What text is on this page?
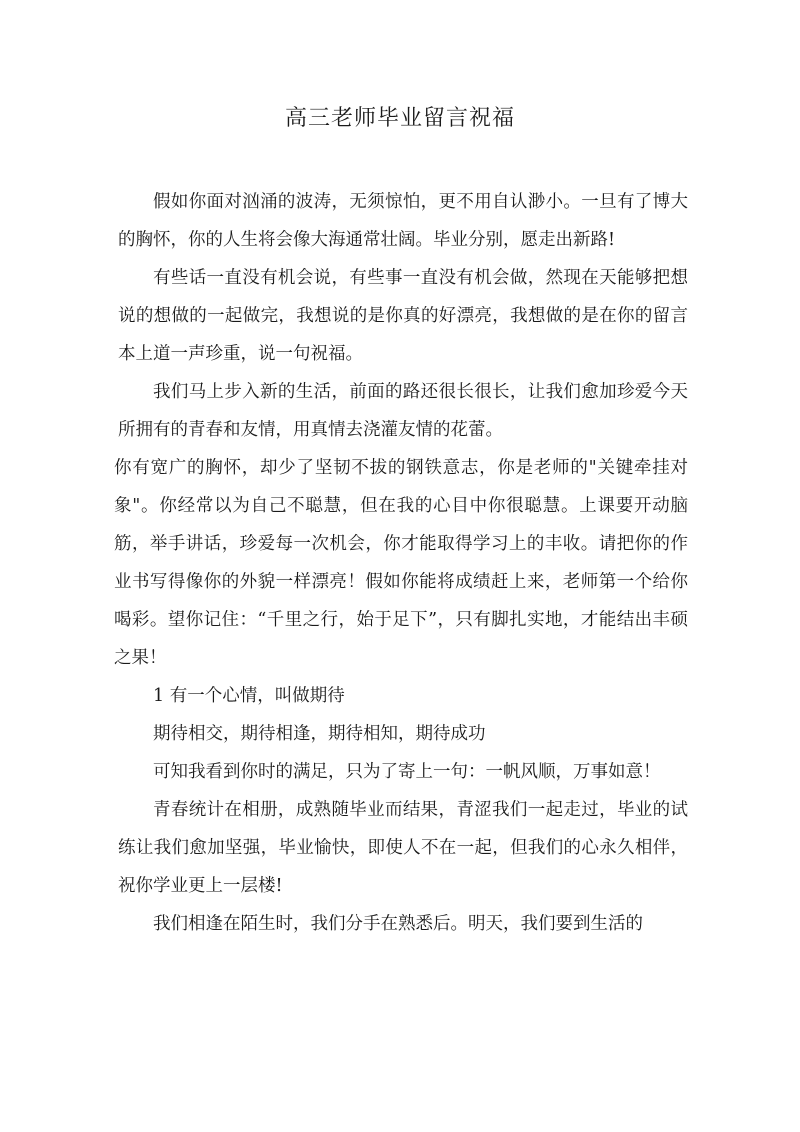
高三老师毕业留言祝福

假如你面对汹涌的波涛，无须惊怕，更不用自认渺小。一旦有了博大的胸怀，你的人生将会像大海通常壮阔。毕业分别，愿走出新路!

有些话一直没有机会说，有些事一直没有机会做，然现在天能够把想说的想做的一起做完，我想说的是你真的好漂亮，我想做的是在你的留言本上道一声珍重，说一句祝福。

我们马上步入新的生活，前面的路还很长很长，让我们愈加珍爱今天所拥有的青春和友情，用真情去浇灌友情的花蕾。

你有宽广的胸怀，却少了坚韧不拔的钢铁意志，你是老师的"关键牵挂对象"。你经常以为自己不聪慧，但在我的心目中你很聪慧。上课要开动脑筋，举手讲话，珍爱每一次机会，你才能取得学习上的丰收。请把你的作业书写得像你的外貌一样漂亮！假如你能将成绩赶上来，老师第一个给你喝彩。望你记住：“千里之行，始于足下”，只有脚扎实地，才能结出丰硕之果！

1 有一个心情，叫做期待

期待相交，期待相逢，期待相知，期待成功

可知我看到你时的满足，只为了寄上一句：一帆风顺，万事如意！

青春统计在相册，成熟随毕业而结果，青涩我们一起走过，毕业的试练让我们愈加坚强，毕业愉快，即使人不在一起，但我们的心永久相伴，祝你学业更上一层楼!

我们相逢在陌生时，我们分手在熟悉后。明天，我们要到生活的
